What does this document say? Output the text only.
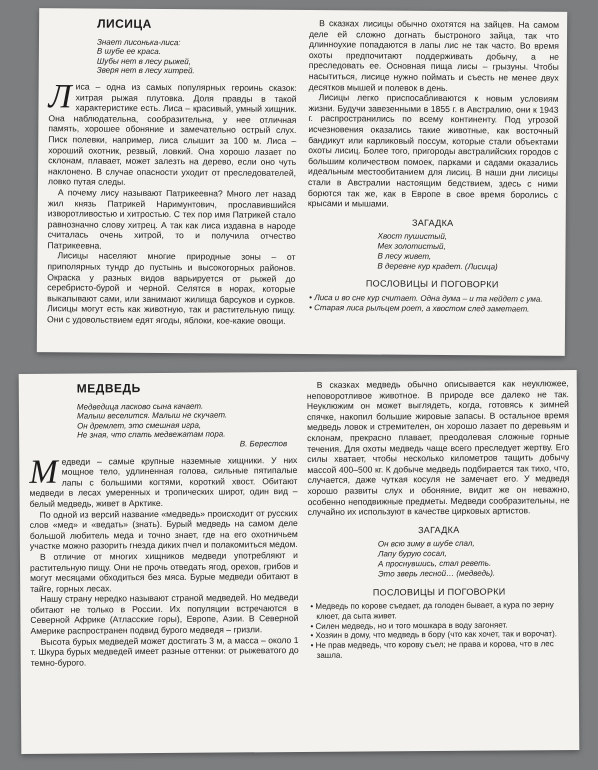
ЛИСИЦА
Знает лисонька-лиса:
В шубе ее краса.
Шубы нет в лесу рыжей,
Зверя нет в лесу хитрей.

Лиса – одна из самых популярных героинь сказок: хитрая рыжая плутовка. Доля правды в такой характеристике есть. Лиса – красивый, умный хищник. Она наблюдательна, сообразительна, у нее отличная память, хорошее обоняние и замечательно острый слух. Писк полевки, например, лиса слышит за 100 м. Лиса – хороший охотник, резвый, ловкий. Она хорошо лазает по склонам, плавает, может залезть на дерево, если оно чуть наклонено. В случае опасности уходит от преследователей, ловко путая следы.

А почему лису называют Патрикеевна? Много лет назад жил князь Патрикей Наримунтович, прославившийся изворотливостью и хитростью. С тех пор имя Патрикей стало равнозначно слову хитрец. А так как лиса издавна в народе считалась очень хитрой, то и получила отчество Патрикеевна.

Лисицы населяют многие природные зоны – от приполярных тундр до пустынь и высокогорных районов. Окраска у разных видов варьируется от рыжей до серебристо-бурой и черной. Селятся в норах, которые выкапывают сами, или занимают жилища барсуков и сурков. Лисицы могут есть как животную, так и растительную пищу. Они с удовольствием едят ягоды, яблоки, кое-какие овощи.

В сказках лисицы обычно охотятся на зайцев. На самом деле ей сложно догнать быстроного зайца, так что длинноухие попадаются в лапы лис не так часто. Во время охоты предпочитают поддерживать добычу, а не преследовать ее. Основная пища лисы – грызуны. Чтобы насытиться, лисице нужно поймать и съесть не менее двух десятков мышей и полевок в день.

Лисицы легко приспосабливаются к новым условиям жизни. Будучи завезенными в 1855 г. в Австралию, они к 1943 г. распространились по всему континенту. Под угрозой исчезновения оказались такие животные, как восточный бандикут или карликовый поссум, которые стали объектами охоты лисиц. Более того, пригороды австралийских городов с большим количеством помоек, парками и садами оказались идеальным местообитанием для лисиц. В наши дни лисицы стали в Австралии настоящим бедствием, здесь с ними борются так же, как в Европе в свое время боролись с крысами и мышами.

ЗАГАДКА
Хвост пушистый,
Мех золотистый,
В лесу живет,
В деревне кур крадет. (Лисица)
ПОСЛОВИЦЫ И ПОГОВОРКИ
• Лиса и во сне кур считает. Одна дума – и та нейдет с ума.
• Старая лиса рыльцем роет, а хвостом след заметает.
МЕДВЕДЬ
Медведица ласково сына качает.
Малыш веселится. Малыш не скучает.
Он дремлет, это смешная игра,
Не зная, что спать медвежатам пора.
В. Берестов

Медведи – самые крупные наземные хищники. У них мощное тело, удлиненная голова, сильные пятипалые лапы с большими когтями, короткий хвост. Обитают медведи в лесах умеренных и тропических широт, один вид – белый медведь, живет в Арктике.

По одной из версий название «медведь» происходит от русских слов «мед» и «ведать» (знать). Бурый медведь на самом деле большой любитель меда и точно знает, где на его охотничьем участке можно разорить гнезда диких пчел и полакомиться медом.

В отличие от многих хищников медведи употребляют и растительную пищу. Они не прочь отведать ягод, орехов, грибов и могут месяцами обходиться без мяса. Бурые медведи обитают в тайге, горных лесах.

Нашу страну нередко называют страной медведей. Но медведи обитают не только в России. Их популяции встречаются в Северной Африке (Атласские горы), Европе, Азии. В Северной Америке распространен подвид бурого медведя – гризли.

Высота бурых медведей может достигать 3 м, а масса – около 1 т. Шкура бурых медведей имеет разные оттенки: от рыжеватого до темно-бурого.

В сказках медведь обычно описывается как неуклюжее, неповоротливое животное. В природе все далеко не так. Неуклюжим он может выглядеть, когда, готовясь к зимней спячке, накопил большие жировые запасы. В остальное время медведь ловок и стремителен, он хорошо лазает по деревьям и склонам, прекрасно плавает, преодолевая сложные горные течения. Для охоты медведь чаще всего преследует жертву. Его силы хватает, чтобы несколько километров тащить добычу массой 400–500 кг. К добыче медведь подбирается так тихо, что, случается, даже чуткая косуля не замечает его. У медведя хорошо развиты слух и обоняние, видит же он неважно, особенно неподвижные предметы. Медведи сообразительны, не случайно их используют в качестве цирковых артистов.

ЗАГАДКА
Он всю зиму в шубе спал,
Лапу бурую сосал,
А проснувшись, стал реветь.
Это зверь лесной… (медведь).
ПОСЛОВИЦЫ И ПОГОВОРКИ
• Медведь по корове съедает, да голоден бывает, а кура по зерну клюет, да сыта живет.
• Силен медведь, но и того мошкара в воду загоняет.
• Хозяин в дому, что медведь в бору (что как хочет, так и ворочат).
• Не прав медведь, что корову съел; не права и корова, что в лес зашла.
